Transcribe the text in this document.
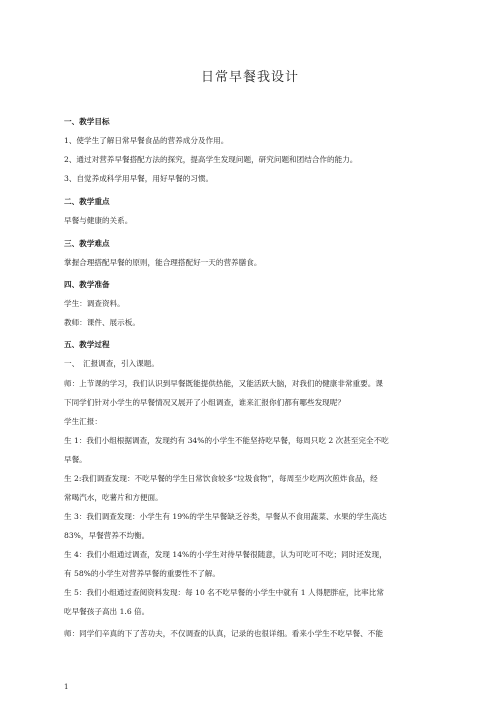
日常早餐我设计
一、教学目标
1、使学生了解日常早餐食品的营养成分及作用。
2、通过对营养早餐搭配方法的探究，提高学生发现问题，研究问题和团结合作的能力。
3、自觉养成科学用早餐，用好早餐的习惯。
二、教学重点
早餐与健康的关系。
三、教学难点
掌握合理搭配早餐的原则，能合理搭配好一天的营养膳食。
四、教学准备
学生：调查资料。
教师：课件、展示板。
五、教学过程
一、　汇报调查，引入课题。
师：上节课的学习，我们认识到早餐既能提供热能，又能活跃大脑，对我们的健康非常重要。课
下同学们针对小学生的早餐情况又展开了小组调查，谁来汇报你们都有哪些发现呢？
学生汇报：
生 1：我们小组根据调查，发现约有 34%的小学生不能坚持吃早餐，每周只吃 2 次甚至完全不吃
早餐。
生 2:我们调查发现：不吃早餐的学生日常饮食较多“垃圾食物”，每周至少吃两次煎炸食品，经
常喝汽水，吃薯片和方便面。
生 3：我们调查发现：小学生有 19%的学生早餐缺乏谷类，早餐从不食用蔬菜、水果的学生高达
83%，早餐营养不均衡。
生 4：我们小组通过调查，发现 14%的小学生对待早餐很随意，认为可吃可不吃；同时还发现，
有 58%的小学生对营养早餐的重要性不了解。
生 5：我们小组通过查阅资料发现：每 10 名不吃早餐的小学生中就有 1 人得肥胖症，比率比常
吃早餐孩子高出 1.6 倍。
师：同学们辛真的下了苦功夫，不仅调查的认真，记录的也很详细。看来小学生不吃早餐、不能
1
